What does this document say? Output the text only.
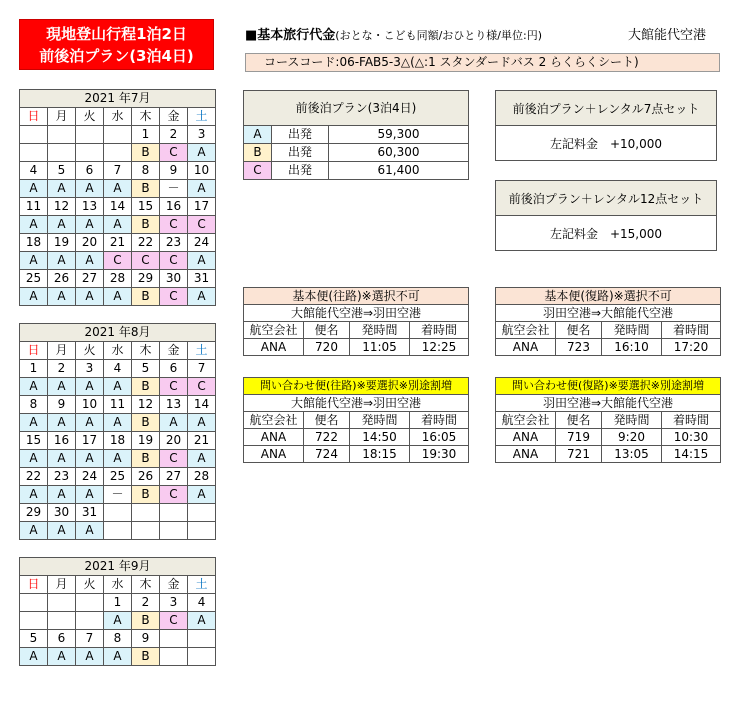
現地登山行程1泊2日
前後泊プラン(3泊4日)
■基本旅行代金(おとな・こども同額/おひとり様/単位:円)	大館能代空港
コースコード:06-FAB5-3△(△:1 スタンダードバス 2 らくらくシート)
2021 年7月						
日	月	火	水	木	金	土
				1	2	3
				B	C	A
4	5	6	7	8	9	10
A	A	A	A	B	－	A
11	12	13	14	15	16	17
A	A	A	A	B	C	C
18	19	20	21	22	23	24
A	A	A	C	C	C	A
25	26	27	28	29	30	31
A	A	A	A	B	C	A
2021 年8月						
日	月	火	水	木	金	土
1	2	3	4	5	6	7
A	A	A	A	B	C	C
8	9	10	11	12	13	14
A	A	A	A	B	A	A
15	16	17	18	19	20	21
A	A	A	A	B	C	A
22	23	24	25	26	27	28
A	A	A	－	B	C	A
29	30	31				
A	A	A				
2021 年9月						
日	月	火	水	木	金	土
			1	2	3	4
			A	B	C	A
5	6	7	8	9		
A	A	A	A	B		
前後泊プラン(3泊4日)		
A	出発	59,300
B	出発	60,300
C	出発	61,400
前後泊プラン＋レンタル7点セット
左記料金　+10,000
前後泊プラン＋レンタル12点セット
左記料金　+15,000
基本便(往路)※選択不可			
大館能代空港⇒羽田空港			
航空会社	便名	発時間	着時間
ANA	720	11:05	12:25
基本便(復路)※選択不可			
羽田空港⇒大館能代空港			
航空会社	便名	発時間	着時間
ANA	723	16:10	17:20
問い合わせ便(往路)※要選択※別途割増			
大館能代空港⇒羽田空港			
航空会社	便名	発時間	着時間
ANA	722	14:50	16:05
ANA	724	18:15	19:30
問い合わせ便(復路)※要選択※別途割増			
羽田空港⇒大館能代空港			
航空会社	便名	発時間	着時間
ANA	719	9:20	10:30
ANA	721	13:05	14:15
